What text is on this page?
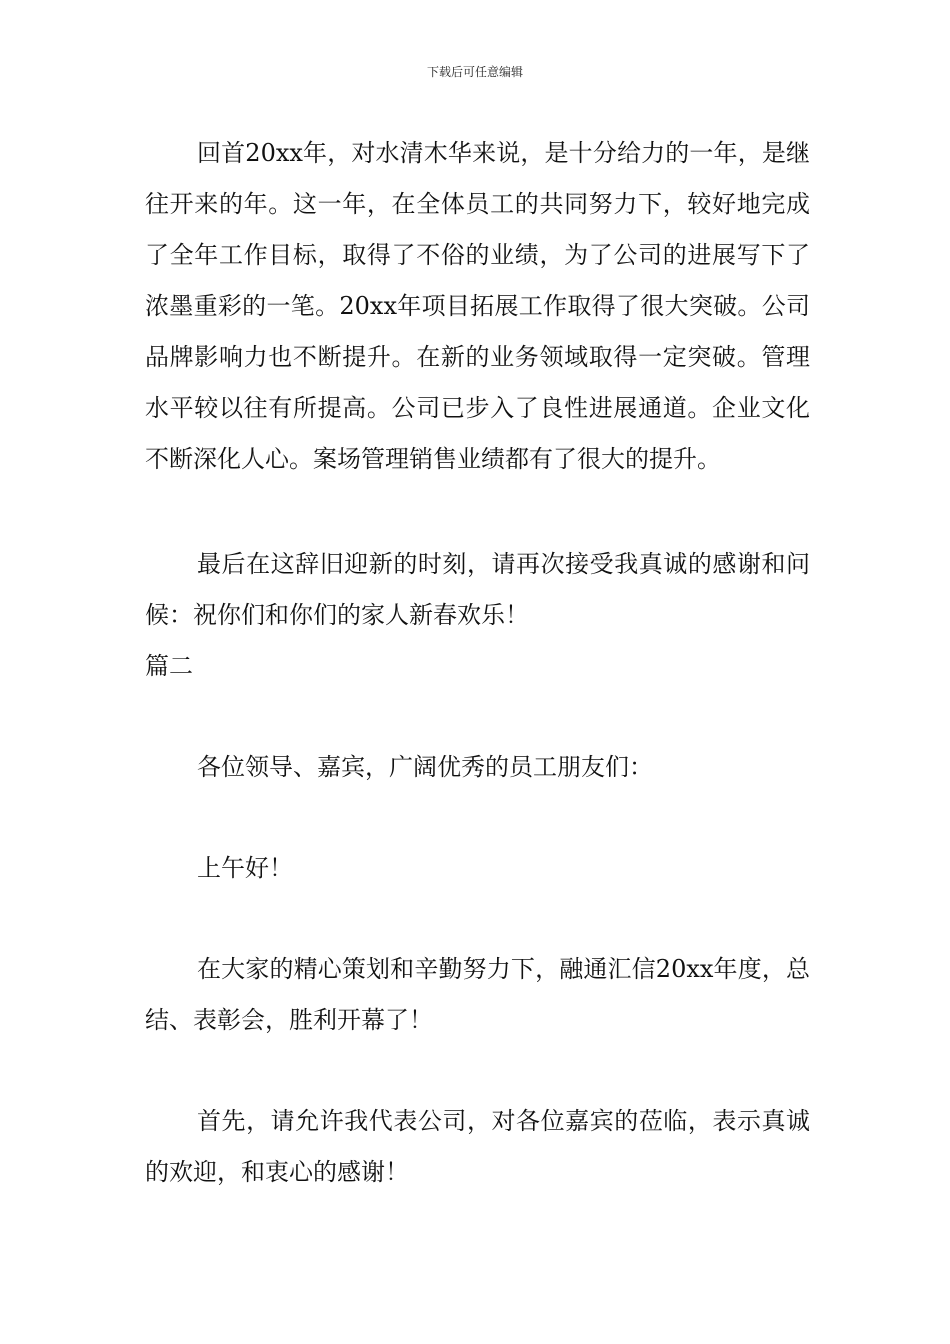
下载后可任意编辑

回首20xx年，对水清木华来说，是十分给力的一年，是继往开来的年。这一年，在全体员工的共同努力下，较好地完成了全年工作目标，取得了不俗的业绩，为了公司的进展写下了浓墨重彩的一笔。20xx年项目拓展工作取得了很大突破。公司品牌影响力也不断提升。在新的业务领域取得一定突破。管理水平较以往有所提高。公司已步入了良性进展通道。企业文化不断深化人心。案场管理销售业绩都有了很大的提升。

最后在这辞旧迎新的时刻，请再次接受我真诚的感谢和问候：祝你们和你们的家人新春欢乐！

篇二

各位领导、嘉宾，广阔优秀的员工朋友们：

上午好！

在大家的精心策划和辛勤努力下，融通汇信20xx年度，总结、表彰会，胜利开幕了！

首先，请允许我代表公司，对各位嘉宾的莅临，表示真诚的欢迎，和衷心的感谢！
